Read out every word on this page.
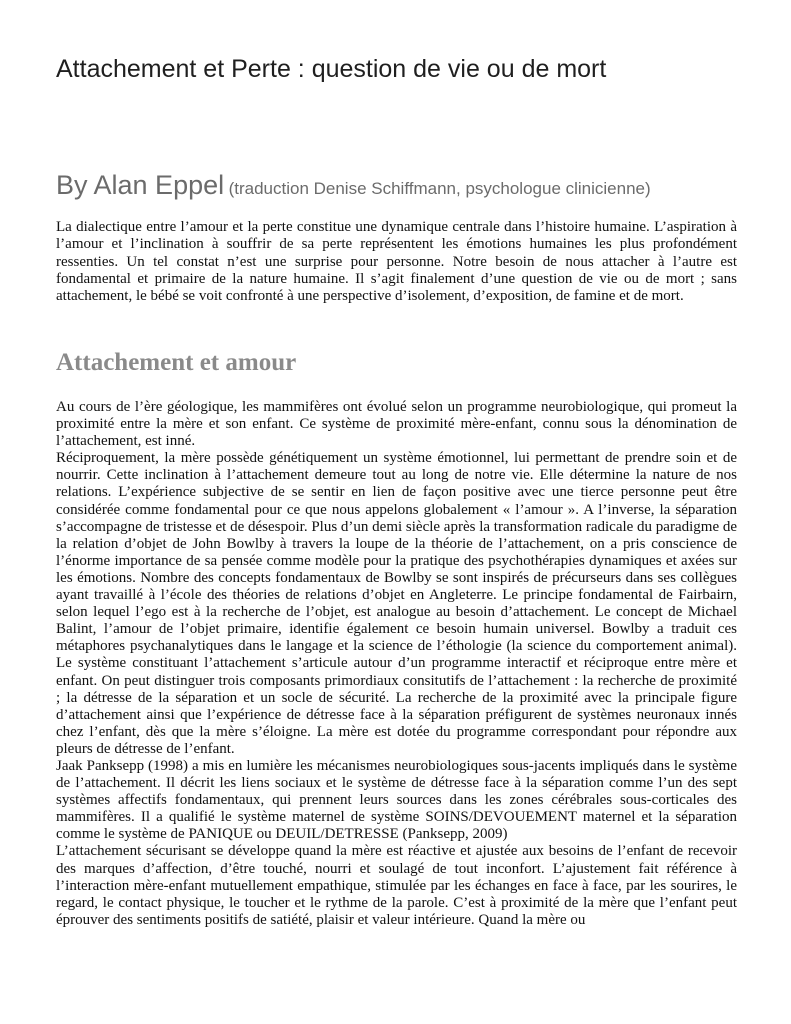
Attachement et Perte : question de vie ou de mort
By Alan Eppel (traduction Denise Schiffmann, psychologue clinicienne)

La dialectique entre l’amour et la perte constitue une dynamique centrale dans l’histoire humaine. L’aspiration à l’amour et l’inclination à souffrir de sa perte représentent les émotions humaines les plus profondément ressenties. Un tel constat n’est une surprise pour personne. Notre besoin de nous attacher à l’autre est fondamental et primaire de la nature humaine. Il s’agit finalement d’une question de vie ou de mort ; sans attachement, le bébé se voit confronté à une perspective d’isolement, d’exposition, de famine et de mort.

Attachement et amour
Au cours de l’ère géologique, les mammifères ont évolué selon un programme neurobiologique, qui promeut la proximité entre la mère et son enfant. Ce système de proximité mère-enfant, connu sous la dénomination de l’attachement, est inné.
Réciproquement, la mère possède génétiquement un système émotionnel, lui permettant de prendre soin et de nourrir. Cette inclination à l’attachement demeure tout au long de notre vie. Elle détermine la nature de nos relations. L’expérience subjective de se sentir en lien de façon positive avec une tierce personne peut être considérée comme fondamental pour ce que nous appelons globalement « l’amour ». A l’inverse, la séparation s’accompagne de tristesse et de désespoir. Plus d’un demi siècle après la transformation radicale du paradigme de la relation d’objet de John Bowlby à travers la loupe de la théorie de l’attachement, on a pris conscience de l’énorme importance de sa pensée comme modèle pour la pratique des psychothérapies dynamiques et axées sur les émotions. Nombre des concepts fondamentaux de Bowlby se sont inspirés de précurseurs dans ses collègues ayant travaillé à l’école des théories de relations d’objet en Angleterre. Le principe fondamental de Fairbairn, selon lequel l’ego est à la recherche de l’objet, est analogue au besoin d’attachement. Le concept de Michael Balint, l’amour de l’objet primaire, identifie également ce besoin humain universel. Bowlby a traduit ces métaphores psychanalytiques dans le langage et la science de l’éthologie (la science du comportement animal). Le système constituant l’attachement s’articule autour d’un programme interactif et réciproque entre mère et enfant. On peut distinguer trois composants primordiaux consitutifs de l’attachement : la recherche de proximité ; la détresse de la séparation et un socle de sécurité. La recherche de la proximité avec la principale figure d’attachement ainsi que l’expérience de détresse face à la séparation préfigurent de systèmes neuronaux innés chez l’enfant, dès que la mère s’éloigne. La mère est dotée du programme correspondant pour répondre aux pleurs de détresse de l’enfant.
Jaak Panksepp (1998) a mis en lumière les mécanismes neurobiologiques sous-jacents impliqués dans le système de l’attachement. Il décrit les liens sociaux et le système de détresse face à la séparation comme l’un des sept systèmes affectifs fondamentaux, qui prennent leurs sources dans les zones cérébrales sous-corticales des mammifères. Il a qualifié le système maternel de système SOINS/DEVOUEMENT maternel et la séparation comme le système de PANIQUE ou DEUIL/DETRESSE (Panksepp, 2009)
L’attachement sécurisant se développe quand la mère est réactive et ajustée aux besoins de l’enfant de recevoir des marques d’affection, d’être touché, nourri et soulagé de tout inconfort. L’ajustement fait référence à l’interaction mère-enfant mutuellement empathique, stimulée par les échanges en face à face, par les sourires, le regard, le contact physique, le toucher et le rythme de la parole. C’est à proximité de la mère que l’enfant peut éprouver des sentiments positifs de satiété, plaisir et valeur intérieure. Quand la mère ou
